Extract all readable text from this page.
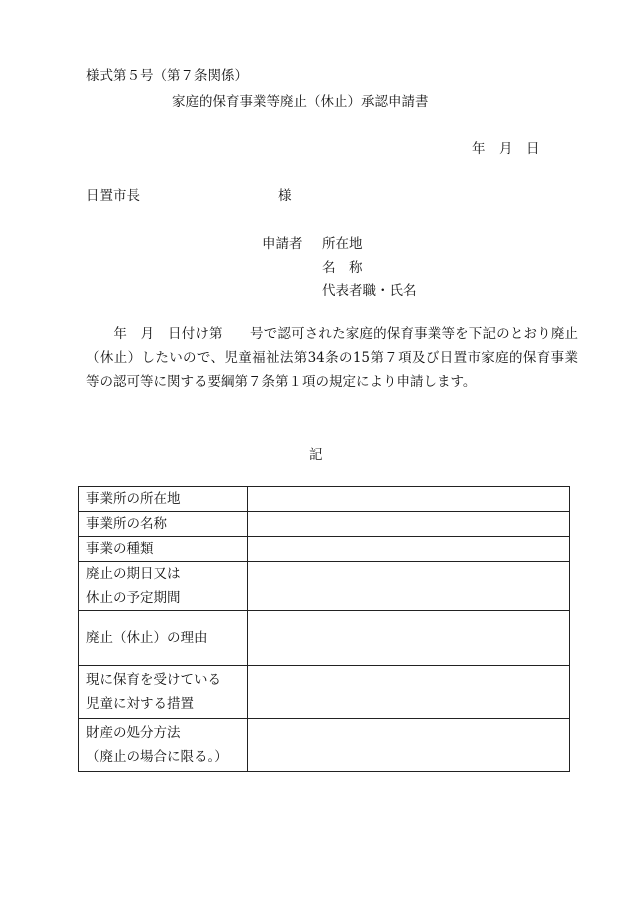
様式第５号（第７条関係）
家庭的保育事業等廃止（休止）承認申請書
年　月　日
日置市長	様
申請者 所在地
名　称
代表者職・氏名
　　年　月　日付け第　　号で認可された家庭的保育事業等を下記のとおり廃止（休止）したいので、児童福祉法第34条の15第７項及び日置市家庭的保育事業等の認可等に関する要綱第７条第１項の規定により申請します。
記
事業所の所在地	

事業所の名称	

事業の種類	

廃止の期日又は
休止の予定期間	

廃止（休止）の理由	

現に保育を受けている
児童に対する措置	

財産の処分方法
（廃止の場合に限る。）	
